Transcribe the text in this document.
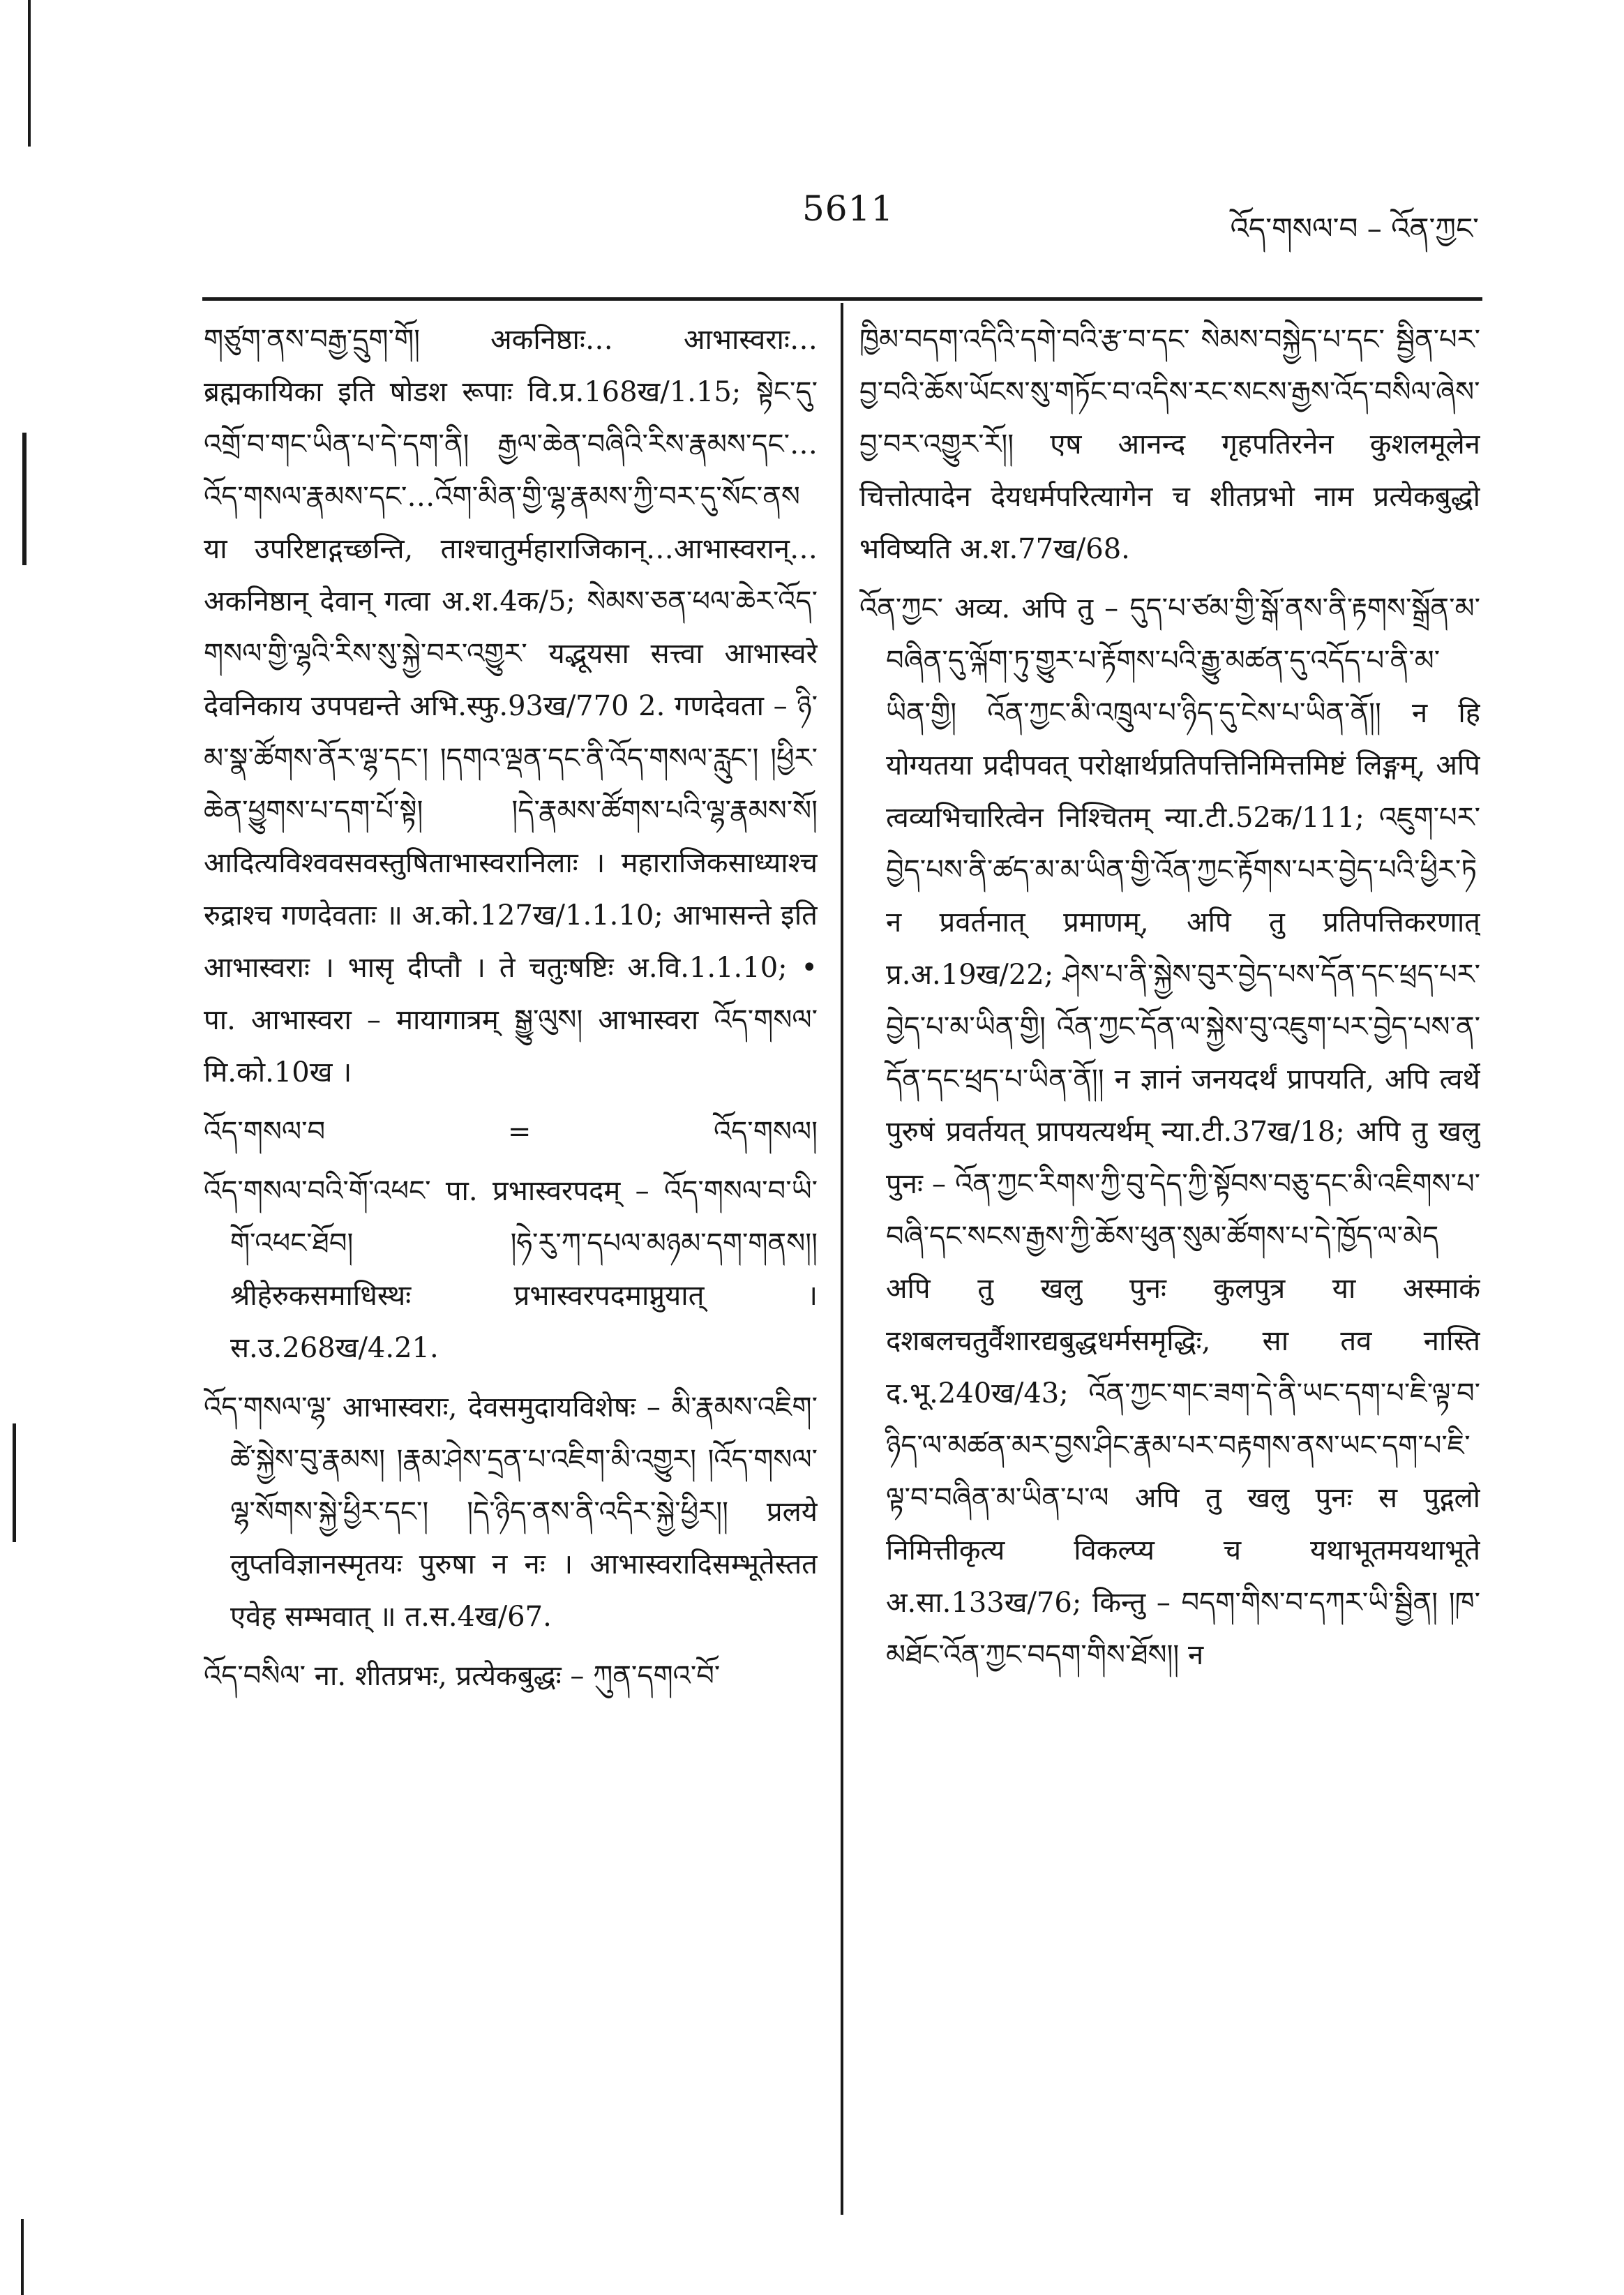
5611	འོད་གསལ་བ – འོན་ཀྱང་

གཙུག་ནས་བརྒྱ་དྲུག་གོ། अकनिष्ठाः… आभास्वराः… ब्रह्मकायिका इति षोडश रूपाः वि.प्र.168ख/1.15; སྟེང་དུ་འགྲོ་བ་གང་ཡིན་པ་དེ་དག་ནི། རྒྱལ་ཆེན་བཞིའི་རིས་རྣམས་དང་…འོད་གསལ་རྣམས་དང་…འོག་མིན་གྱི་ལྷ་རྣམས་ཀྱི་བར་དུ་སོང་ནས या उपरिष्टाद्गच्छन्ति, ताश्चातुर्महाराजिकान्…आभास्वरान्…अकनिष्ठान् देवान् गत्वा अ.श.4क/5; སེམས་ཅན་ཕལ་ཆེར་འོད་གསལ་གྱི་ལྷའི་རིས་སུ་སྐྱེ་བར་འགྱུར་ यद्भूयसा सत्त्वा आभास्वरे देवनिकाय उपपद्यन्ते अभि.स्फु.93ख/770 2. गणदेवता – ཉི་མ་སྣ་ཚོགས་ནོར་ལྷ་དང་། །དགའ་ལྡན་དང་ནི་འོད་གསལ་རླུང་། །ཕྱིར་ཆེན་ཕྱུགས་པ་དག་པོ་སྟེ། །དེ་རྣམས་ཚོགས་པའི་ལྷ་རྣམས་སོ། आदित्यविश्ववसवस्तुषिताभास्वरानिलाः । महाराजिकसाध्याश्च रुद्राश्च गणदेवताः ॥ अ.को.127ख/1.1.10; आभासन्ते इति आभास्वराः । भासृ दीप्तौ । ते चतुःषष्टिः अ.वि.1.1.10; • पा. आभास्वरा – मायागात्रम् སྒྱུ་ལུས། आभास्वरा འོད་གསལ་ मि.को.10ख ।

འོད་གསལ་བ	=	འོད་གསལ།

འོད་གསལ་བའི་གོ་འཕང་ पा. प्रभास्वरपदम् – འོད་གསལ་བ་ཡི་གོ་འཕང་ཐོབ། །ཧེ་རུ་ཀ་དཔལ་མཉམ་དག་གནས།། श्रीहेरुकसमाधिस्थः प्रभास्वरपदमाप्नुयात् । स.उ.268ख/4.21.

འོད་གསལ་ལྷ་ आभास्वराः, देवसमुदायविशेषः – མི་རྣམས་འཇིག་ཚེ་སྐྱེས་བུ་རྣམས། །རྣམ་ཤེས་དྲན་པ་འཇིག་མི་འགྱུར། །འོད་གསལ་ལྷ་སོགས་སྐྱེ་ཕྱིར་དང་། །དེ་ཉིད་ནས་ནི་འདིར་སྐྱེ་ཕྱིར།། प्रलये लुप्तविज्ञानस्मृतयः पुरुषा न नः । आभास्वरादिसम्भूतेस्तत एवेह सम्भवात् ॥ त.स.4ख/67.

འོད་བསིལ་ ना. शीतप्रभः, प्रत्येकबुद्धः – ཀུན་དགའ་བོ་

ཁྱིམ་བདག་འདིའི་དགེ་བའི་རྩ་བ་དང་ སེམས་བསྐྱེད་པ་དང་ སྦྱིན་པར་བྱ་བའི་ཆོས་ཡོངས་སུ་གཏོང་བ་འདིས་རང་སངས་རྒྱས་འོད་བསིལ་ཞེས་བྱ་བར་འགྱུར་རོ།། एष आनन्द गृहपतिरनेन कुशलमूलेन चित्तोत्पादेन देयधर्मपरित्यागेन च शीतप्रभो नाम प्रत्येकबुद्धो भविष्यति अ.श.77ख/68.

འོན་ཀྱང་ अव्य. अपि तु – དུད་པ་ཙམ་གྱི་སྒོ་ནས་ནི་རྟགས་སྒྲོན་མ་བཞིན་དུ་ལྐོག་ཏུ་གྱུར་པ་རྟོགས་པའི་རྒྱུ་མཚན་དུ་འདོད་པ་ནི་མ་ཡིན་གྱི། འོན་ཀྱང་མི་འཁྲུལ་པ་ཉིད་དུ་ངེས་པ་ཡིན་ནོ།། न हि योग्यतया प्रदीपवत् परोक्षार्थप्रतिपत्तिनिमित्तमिष्टं लिङ्गम्, अपि त्वव्यभिचारित्वेन निश्चितम् न्या.टी.52क/111; འཇུག་པར་བྱེད་པས་ནི་ཚད་མ་མ་ཡིན་གྱི་འོན་ཀྱང་རྟོགས་པར་བྱེད་པའི་ཕྱིར་ཏེ न प्रवर्तनात् प्रमाणम्, अपि तु प्रतिपत्तिकरणात् प्र.अ.19ख/22; ཤེས་པ་ནི་སྐྱེས་བུར་བྱེད་པས་དོན་དང་ཕྲད་པར་བྱེད་པ་མ་ཡིན་གྱི། འོན་ཀྱང་དོན་ལ་སྐྱེས་བུ་འཇུག་པར་བྱེད་པས་ན་དོན་དང་ཕྲད་པ་ཡིན་ནོ།། न ज्ञानं जनयदर्थं प्रापयति, अपि त्वर्थे पुरुषं प्रवर्तयत् प्रापयत्यर्थम् न्या.टी.37ख/18; अपि तु खलु पुनः – འོན་ཀྱང་རིགས་ཀྱི་བུ་དེད་ཀྱི་སྟོབས་བཅུ་དང་མི་འཇིགས་པ་བཞི་དང་སངས་རྒྱས་ཀྱི་ཆོས་ཕུན་སུམ་ཚོགས་པ་དེ་ཁྱོད་ལ་མེད अपि तु खलु पुनः कुलपुत्र या अस्माकं दशबलचतुर्वैशारद्यबुद्धधर्मसमृद्धिः, सा तव नास्ति द.भू.240ख/43; འོན་ཀྱང་གང་ཟག་དེ་ནི་ཡང་དག་པ་ཇི་ལྟ་བ་ཉིད་ལ་མཚན་མར་བྱས་ཤིང་རྣམ་པར་བརྟགས་ནས་ཡང་དག་པ་ཇི་ལྟ་བ་བཞིན་མ་ཡིན་པ་ལ अपि तु खलु पुनः स पुद्गलो निमित्तीकृत्य विकल्प्य च यथाभूतमयथाभूते अ.सा.133ख/76; किन्तु – བདག་གིས་བ་དཀར་ཡི་སྦྱིན། །ཁ་མཐོང་འོན་ཀྱང་བདག་གིས་ཐོས།། न
